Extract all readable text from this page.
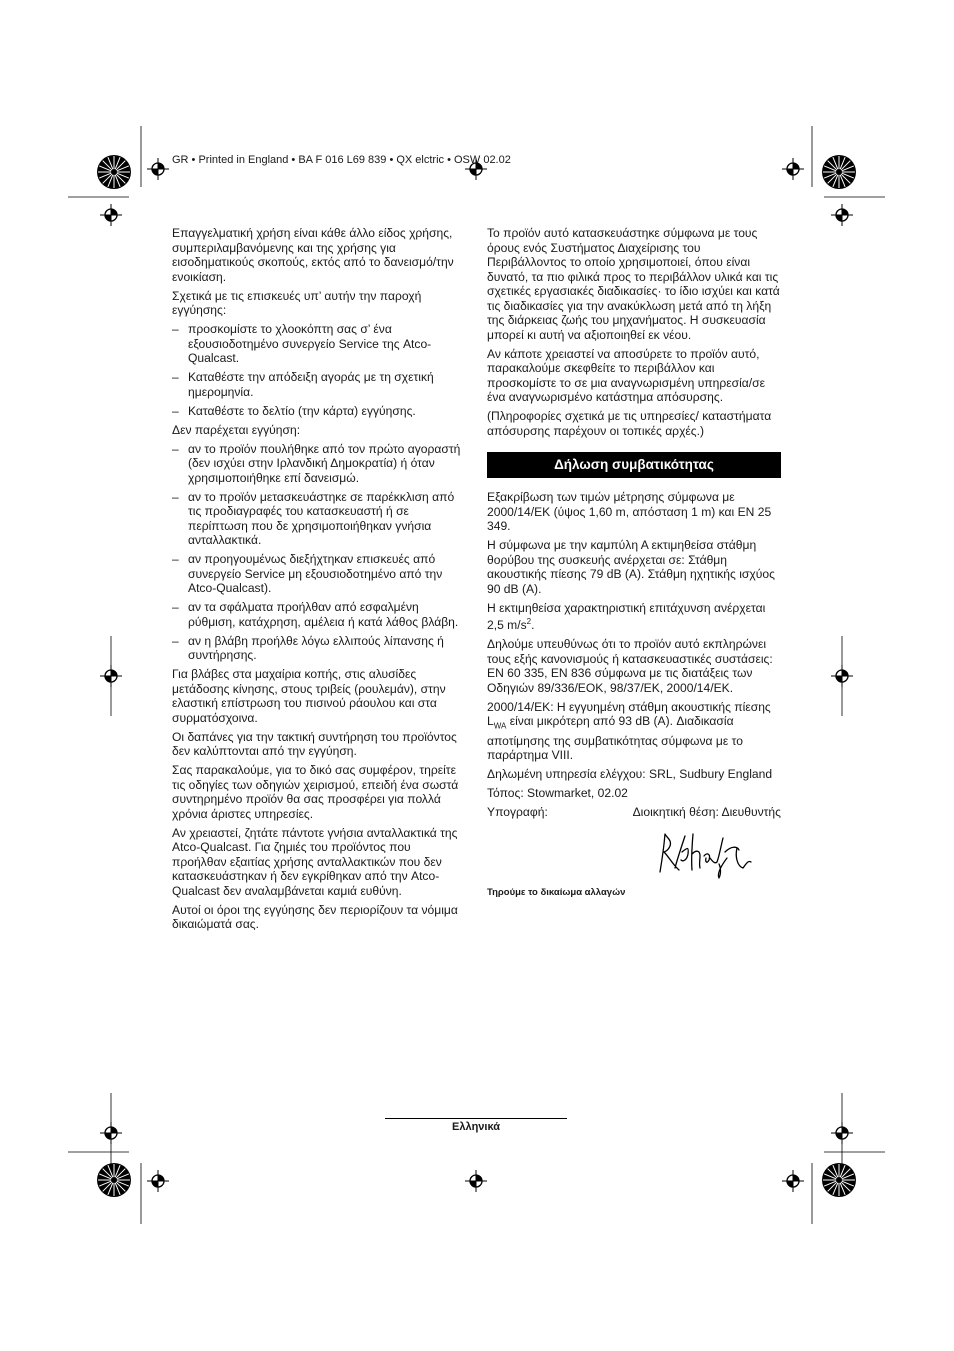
GR • Printed in England • BA F 016 L69 839 • QX elctric • OSW 02.02

Επαγγελματική χρήση είναι κάθε άλλο είδος χρήσης, συμπεριλαμβανόμενης και της χρήσης για εισοδηματικούς σκοπούς, εκτός από το δανεισμό/την ενοικίαση.

Σχετικά με τις επισκευές υπ’ αυτήν την παροχή εγγύησης:

– προσκομίστε το χλοοκόπτη σας σ’ ένα εξουσιοδοτημένο συνεργείο Service της Atco-Qualcast.
– Καταθέστε την απόδειξη αγοράς με τη σχετική ημερομηνία.
– Καταθέστε το δελτίο (την κάρτα) εγγύησης.

Δεν παρέχεται εγγύηση:

– αν το προϊόν πουλήθηκε από τον πρώτο αγοραστή (δεν ισχύει στην Ιρλανδική Δημοκρατία) ή όταν χρησιμοποιήθηκε επί δανεισμώ.
– αν το προϊόν μετασκευάστηκε σε παρέκκλιση από τις προδιαγραφές του κατασκευαστή ή σε περίπτωση που δε χρησιμοποιήθηκαν γνήσια ανταλλακτικά.
– αν προηγουμένως διεξήχτηκαν επισκευές από συνεργείο Service μη εξουσιοδοτημένο από την Atco-Qualcast).
– αν τα σφάλματα προήλθαν από εσφαλμένη ρύθμιση, κατάχρηση, αμέλεια ή κατά λάθος βλάβη.
– αν η βλάβη προήλθε λόγω ελλιπούς λίπανσης ή συντήρησης.

Για βλάβες στα μαχαίρια κοπής, στις αλυσίδες μετάδοσης κίνησης, στους τριβείς (ρουλεμάν), στην ελαστική επίστρωση του πισινού ράουλου και στα συρματόσχοινα.

Οι δαπάνες για την τακτική συντήρηση του προϊόντος δεν καλύπτονται από την εγγύηση.

Σας παρακαλούμε, για το δικό σας συμφέρον, τηρείτε τις οδηγίες των οδηγιών χειρισμού, επειδή ένα σωστά συντηρημένο προϊόν θα σας προσφέρει για πολλά χρόνια άριστες υπηρεσίες.

Αν χρειαστεί, ζητάτε πάντοτε γνήσια ανταλλακτικά της Atco-Qualcast. Για ζημιές του προϊόντος που προήλθαν εξαιτίας χρήσης ανταλλακτικών που δεν κατασκευάστηκαν ή δεν εγκρίθηκαν από την Atco-Qualcast δεν αναλαμβάνεται καμιά ευθύνη.

Αυτοί οι όροι της εγγύησης δεν περιορίζουν τα νόμιμα δικαιώματά σας.

Το προϊόν αυτό κατασκευάστηκε σύμφωνα με τους όρους ενός Συστήματος Διαχείρισης του Περιβάλλοντος το οποίο χρησιμοποιεί, όπου είναι δυνατό, τα πιο φιλικά προς το περιβάλλον υλικά και τις σχετικές εργασιακές διαδικασίες· το ίδιο ισχύει και κατά τις διαδικασίες για την ανακύκλωση μετά από τη λήξη της διάρκειας ζωής του μηχανήματος. Η συσκευασία μπορεί κι αυτή να αξιοποιηθεί εκ νέου.

Αν κάποτε χρειαστεί να αποσύρετε το προϊόν αυτό, παρακαλούμε σκεφθείτε το περιβάλλον και προσκομίστε το σε μια αναγνωρισμένη υπηρεσία/σε ένα αναγνωρισμένο κατάστημα απόσυρσης.

(Πληροφορίες σχετικά με τις υπηρεσίες/ καταστήματα απόσυρσης παρέχουν οι τοπικές αρχές.)

Δήλωση συμβατικότητας

Εξακρίβωση των τιμών μέτρησης σύμφωνα με 2000/14/ΕΚ (ύψος 1,60 m, απόσταση 1 m) και EN 25 349.

Η σύμφωνα με την καμπύλη Α εκτιμηθείσα στάθμη θορύβου της συσκευής ανέρχεται σε: Στάθμη ακουστικής πίεσης 79 dB (A). Στάθμη ηχητικής ισχύος 90 dB (A).

Η εκτιμηθείσα χαρακτηριστική επιτάχυνση ανέρχεται 2,5 $m/s^2$.

Δηλούμε υπευθύνως ότι το προϊόν αυτό εκπληρώνει τους εξής κανονισμούς ή κατασκευαστικές συστάσεις: EN 60 335, EN 836 σύμφωνα με τις διατάξεις των Οδηγιών 89/336/EOK, 98/37/EK, 2000/14/EK.

2000/14/EK: Η εγγυημένη στάθμη ακουστικής πίεσης $L_{WA}$ είναι μικρότερη από 93 dB (A). Διαδικασία αποτίμησης της συμβατικότητας σύμφωνα με το παράρτημα VIII.

Δηλωμένη υπηρεσία ελέγχου: SRL, Sudbury England

Τόπος: Stowmarket, 02.02

Υπογραφή:	Διοικητική θέση: Διευθυντής
Τηρούμε το δικαίωμα αλλαγών
Ελληνικά
